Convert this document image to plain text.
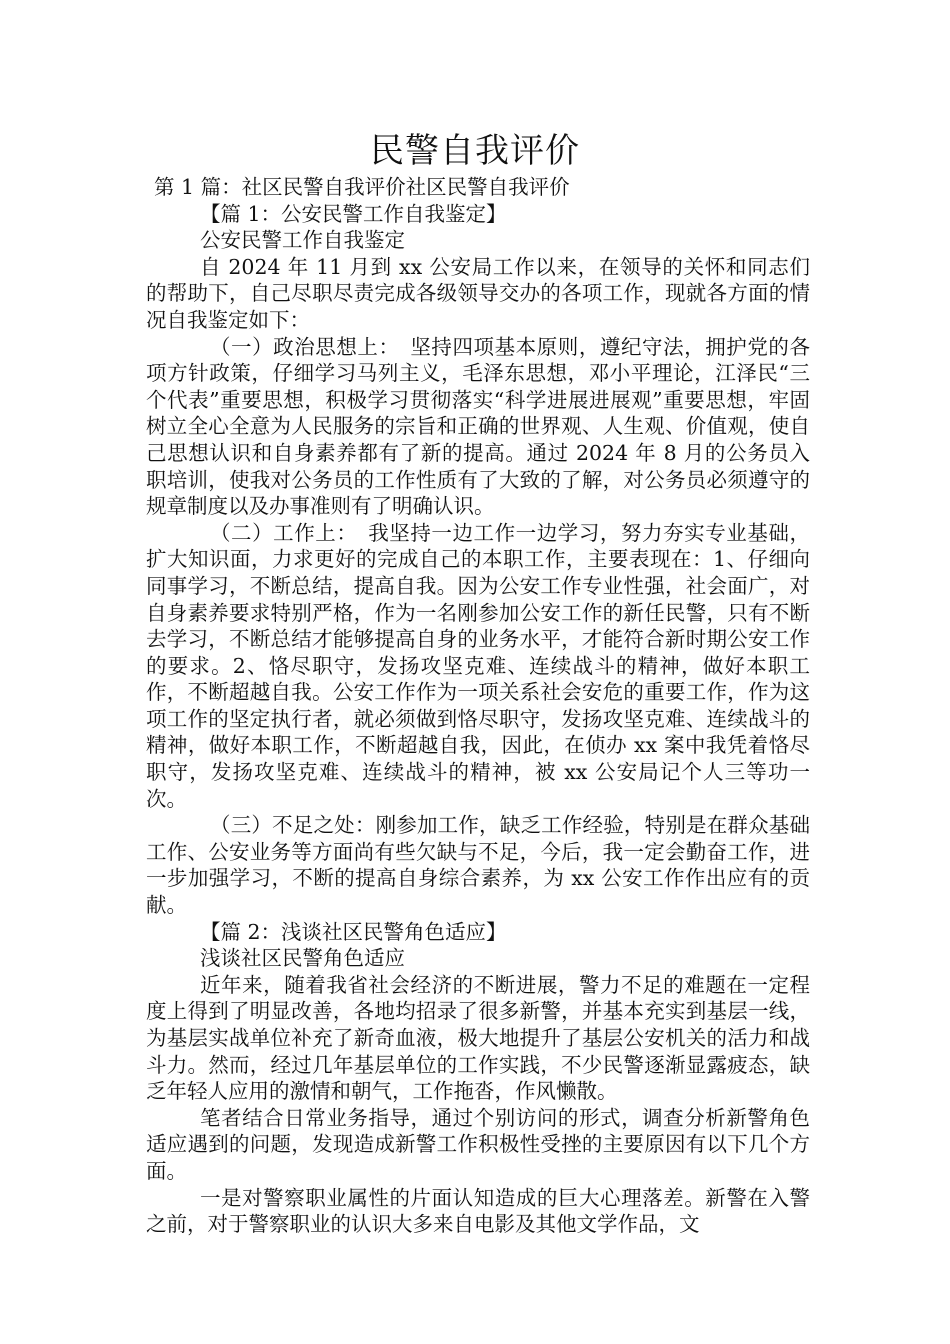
民警自我评价

第 1 篇：社区民警自我评价社区民警自我评价

【篇 1：公安民警工作自我鉴定】

公安民警工作自我鉴定

自 2024 年 11 月到 xx 公安局工作以来，在领导的关怀和同志们的帮助下，自己尽职尽责完成各级领导交办的各项工作，现就各方面的情况自我鉴定如下：

（一）政治思想上：　坚持四项基本原则，遵纪守法，拥护党的各项方针政策，仔细学习马列主义，毛泽东思想，邓小平理论，江泽民“三个代表”重要思想，积极学习贯彻落实“科学进展进展观”重要思想，牢固树立全心全意为人民服务的宗旨和正确的世界观、人生观、价值观，使自己思想认识和自身素养都有了新的提高。通过 2024 年 8 月的公务员入职培训，使我对公务员的工作性质有了大致的了解，对公务员必须遵守的规章制度以及办事准则有了明确认识。

（二）工作上：　我坚持一边工作一边学习，努力夯实专业基础，扩大知识面，力求更好的完成自己的本职工作，主要表现在：1、仔细向同事学习，不断总结，提高自我。因为公安工作专业性强，社会面广，对自身素养要求特别严格，作为一名刚参加公安工作的新任民警，只有不断去学习，不断总结才能够提高自身的业务水平，才能符合新时期公安工作的要求。2、恪尽职守，发扬攻坚克难、连续战斗的精神，做好本职工作，不断超越自我。公安工作作为一项关系社会安危的重要工作，作为这项工作的坚定执行者，就必须做到恪尽职守，发扬攻坚克难、连续战斗的精神，做好本职工作，不断超越自我，因此，在侦办 xx 案中我凭着恪尽职守，发扬攻坚克难、连续战斗的精神，被 xx 公安局记个人三等功一次。

（三）不足之处：刚参加工作，缺乏工作经验，特别是在群众基础工作、公安业务等方面尚有些欠缺与不足，今后，我一定会勤奋工作，进一步加强学习，不断的提高自身综合素养，为 xx 公安工作作出应有的贡献。

【篇 2：浅谈社区民警角色适应】

浅谈社区民警角色适应

近年来，随着我省社会经济的不断进展，警力不足的难题在一定程度上得到了明显改善，各地均招录了很多新警，并基本充实到基层一线，为基层实战单位补充了新奇血液，极大地提升了基层公安机关的活力和战斗力。然而，经过几年基层单位的工作实践，不少民警逐渐显露疲态，缺乏年轻人应用的激情和朝气，工作拖沓，作风懒散。

笔者结合日常业务指导，通过个别访问的形式，调查分析新警角色适应遇到的问题，发现造成新警工作积极性受挫的主要原因有以下几个方面。

一是对警察职业属性的片面认知造成的巨大心理落差。新警在入警之前，对于警察职业的认识大多来自电影及其他文学作品，文
